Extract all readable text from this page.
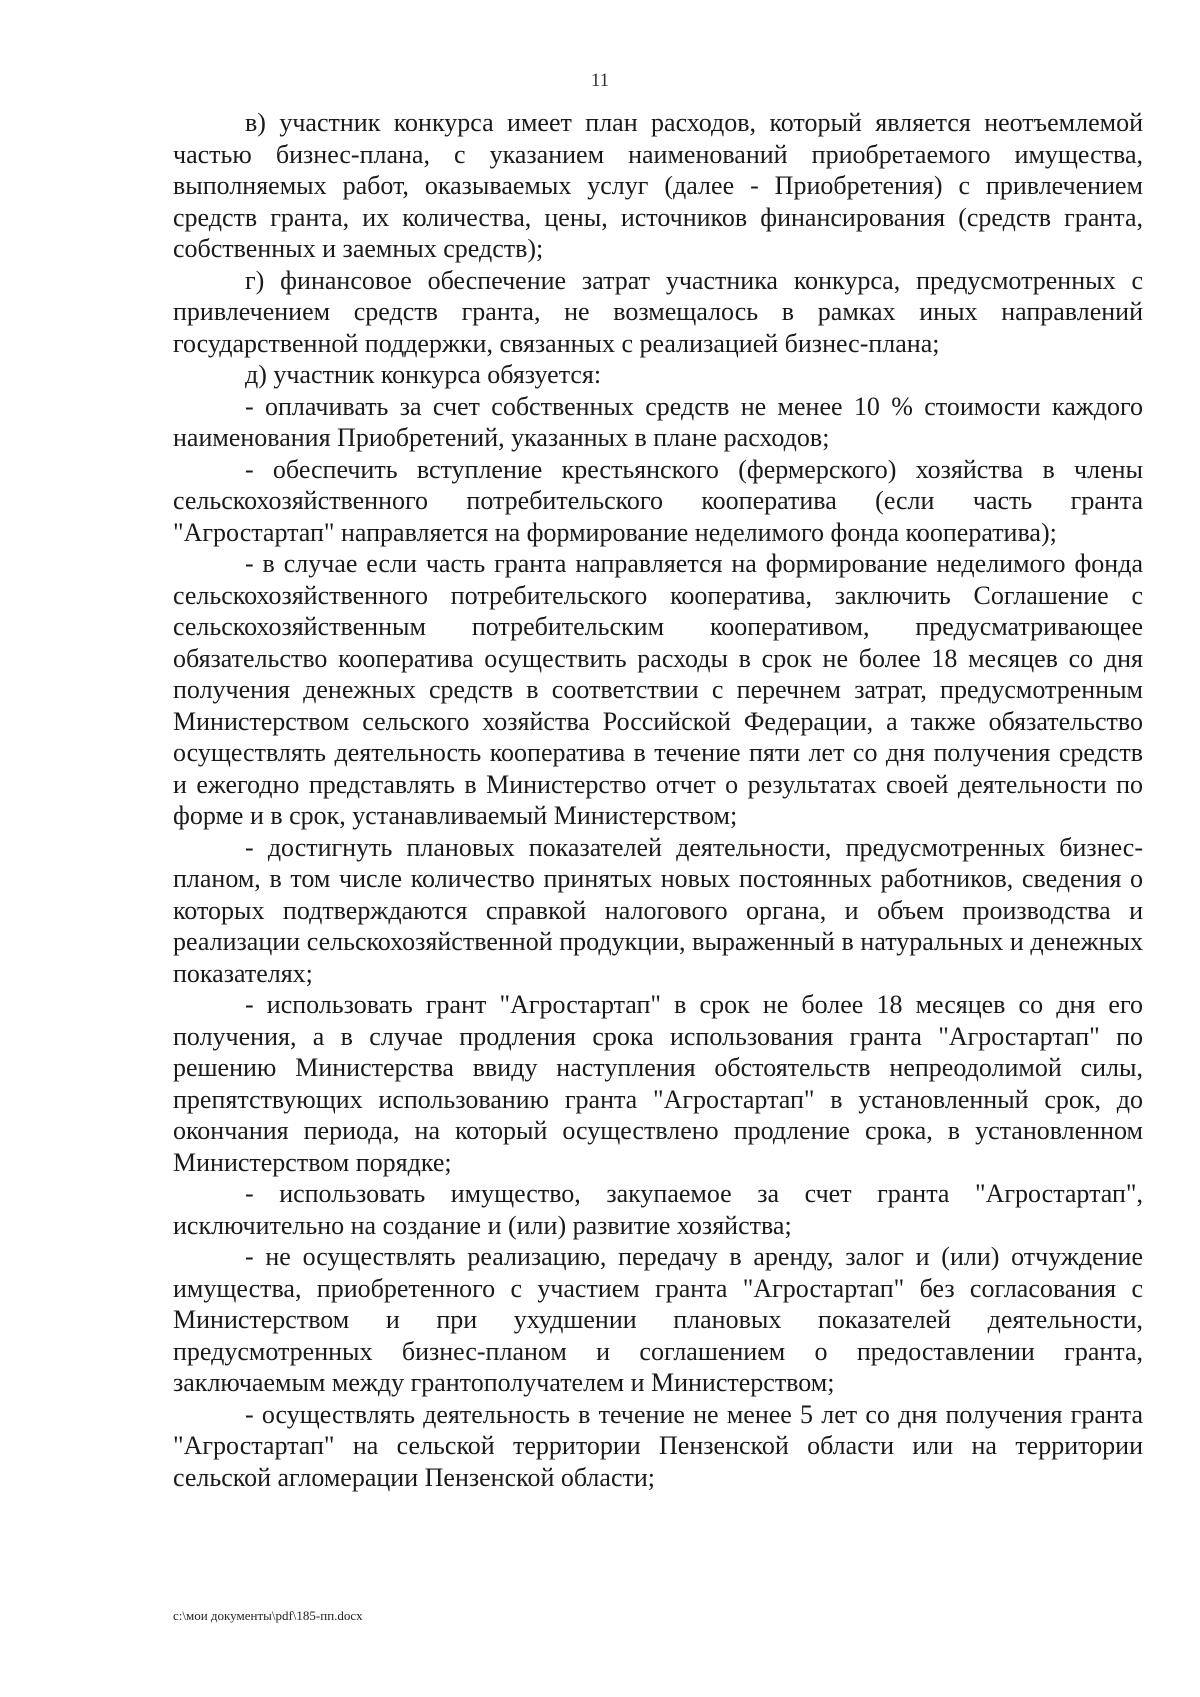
11

в) участник конкурса имеет план расходов, который является неотъемлемой частью бизнес-плана, с указанием наименований приобретаемого имущества, выполняемых работ, оказываемых услуг (далее - Приобретения) с привлечением средств гранта, их количества, цены, источников финансирования (средств гранта, собственных и заемных средств);

г) финансовое обеспечение затрат участника конкурса, предусмотренных с привлечением средств гранта, не возмещалось в рамках иных направлений государственной поддержки, связанных с реализацией бизнес-плана;

д) участник конкурса обязуется:

- оплачивать за счет собственных средств не менее 10 % стоимости каждого наименования Приобретений, указанных в плане расходов;

- обеспечить вступление крестьянского (фермерского) хозяйства в члены сельскохозяйственного потребительского кооператива (если часть гранта "Агростартап" направляется на формирование неделимого фонда кооператива);

- в случае если часть гранта направляется на формирование неделимого фонда сельскохозяйственного потребительского кооператива, заключить Соглашение с сельскохозяйственным потребительским кооперативом, предусматривающее обязательство кооператива осуществить расходы в срок не более 18 месяцев со дня получения денежных средств в соответствии с перечнем затрат, предусмотренным Министерством сельского хозяйства Российской Федерации, а также обязательство осуществлять деятельность кооператива в течение пяти лет со дня получения средств и ежегодно представлять в Министерство отчет о результатах своей деятельности по форме и в срок, устанавливаемый Министерством;

- достигнуть плановых показателей деятельности, предусмотренных бизнес-планом, в том числе количество принятых новых постоянных работников, сведения о которых подтверждаются справкой налогового органа, и объем производства и реализации сельскохозяйственной продукции, выраженный в натуральных и денежных показателях;

- использовать грант "Агростартап" в срок не более 18 месяцев со дня его получения, а в случае продления срока использования гранта "Агростартап" по решению Министерства ввиду наступления обстоятельств непреодолимой силы, препятствующих использованию гранта "Агростартап" в установленный срок, до окончания периода, на который осуществлено продление срока, в установленном Министерством порядке;

- использовать имущество, закупаемое за счет гранта "Агростартап", исключительно на создание и (или) развитие хозяйства;

- не осуществлять реализацию, передачу в аренду, залог и (или) отчуждение имущества, приобретенного с участием гранта "Агростартап" без согласования с Министерством и при ухудшении плановых показателей деятельности, предусмотренных бизнес-планом и соглашением о предоставлении гранта, заключаемым между грантополучателем и Министерством;

- осуществлять деятельность в течение не менее 5 лет со дня получения гранта "Агростартап" на сельской территории Пензенской области или на территории сельской агломерации Пензенской области;

c:\мои документы\pdf\185-пп.docx
